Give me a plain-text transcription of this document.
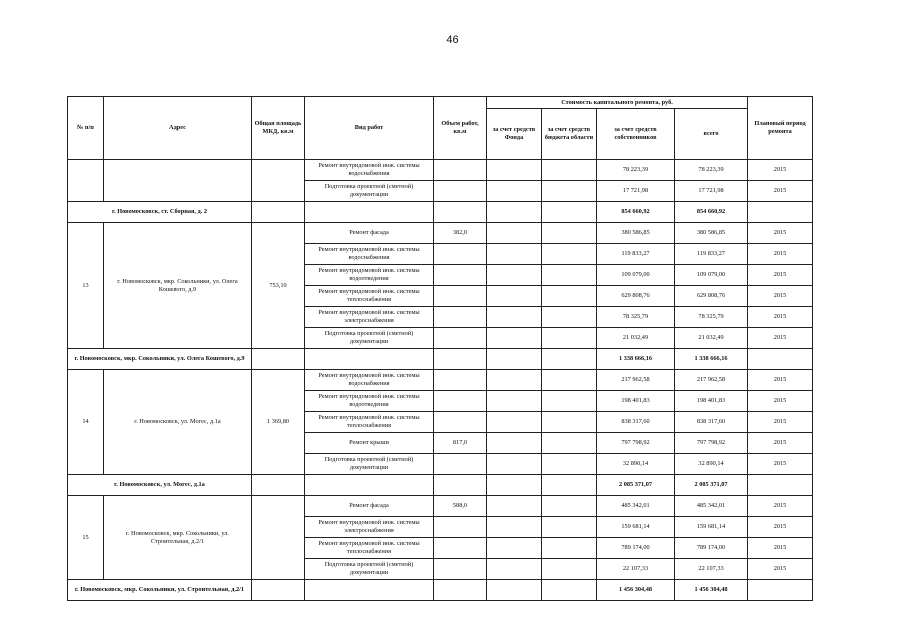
46
№ п/п	Адрес	Общая площадь МКД, кв.м	Вид работ	Объем работ, кв.м	Стоимость капитального ремонта, руб.				Плановый период ремонта
					за счет средств Фонда	за счет средств бюджета области	за счет средств собственников	всего	
			Ремонт внутридомовой инж. системы водоснабжения				78 223,39	78 223,39	2015
			Подготовка проектной (сметной) документации				17 721,98	17 721,98	2015
г. Новомосковск, ст. Сборная, д. 2							854 660,92	854 660,92	
13	г. Новомосковск, мкр. Сокольники, ул. Олега Кошевого, д.9	753,10	Ремонт фасада	382,0			380 586,85	380 586,85	2015
			Ремонт внутридомовой инж. системы водоснабжения				119 833,27	119 833,27	2015
			Ремонт внутридомовой инж. системы водоотведения				109 079,00	109 079,00	2015
			Ремонт внутридомовой инж. системы теплоснабжения				629 808,76	629 808,76	2015
			Ремонт внутридомовой инж. системы электроснабжения				78 325,79	78 325,79	2015
			Подготовка проектной (сметной) документации				21 032,49	21 032,49	2015
г. Новомосковск, мкр. Сокольники, ул. Олега Кошевого, д.9							1 338 666,16	1 338 666,16	
14	г. Новомосковск, ул. Могес, д.1а	1 369,80	Ремонт внутридомовой инж. системы водоснабжения				217 962,58	217 962,58	2015
			Ремонт внутридомовой инж. системы водоотведения				198 401,83	198 401,83	2015
			Ремонт внутридомовой инж. системы теплоснабжения				838 317,60	838 317,60	2015
			Ремонт крыши	817,0			797 798,92	797 798,92	2015
			Подготовка проектной (сметной) документации				32 890,14	32 890,14	2015
г. Новомосковск, ул. Могес, д.1а							2 085 371,07	2 085 371,07	
15	г. Новомосковск, мкр. Сокольники, ул. Строительная, д.2/1		Ремонт фасада	588,0			485 342,01	485 342,01	2015
			Ремонт внутридомовой инж. системы электроснабжения				159 681,14	159 681,14	2015
			Ремонт внутридомовой инж. системы теплоснабжения				789 174,00	789 174,00	2015
			Подготовка проектной (сметной) документации				22 107,33	22 107,33	2015
г. Новомосковск, мкр. Сокольники, ул. Строительная, д.2/1							1 456 304,48	1 456 304,48	
